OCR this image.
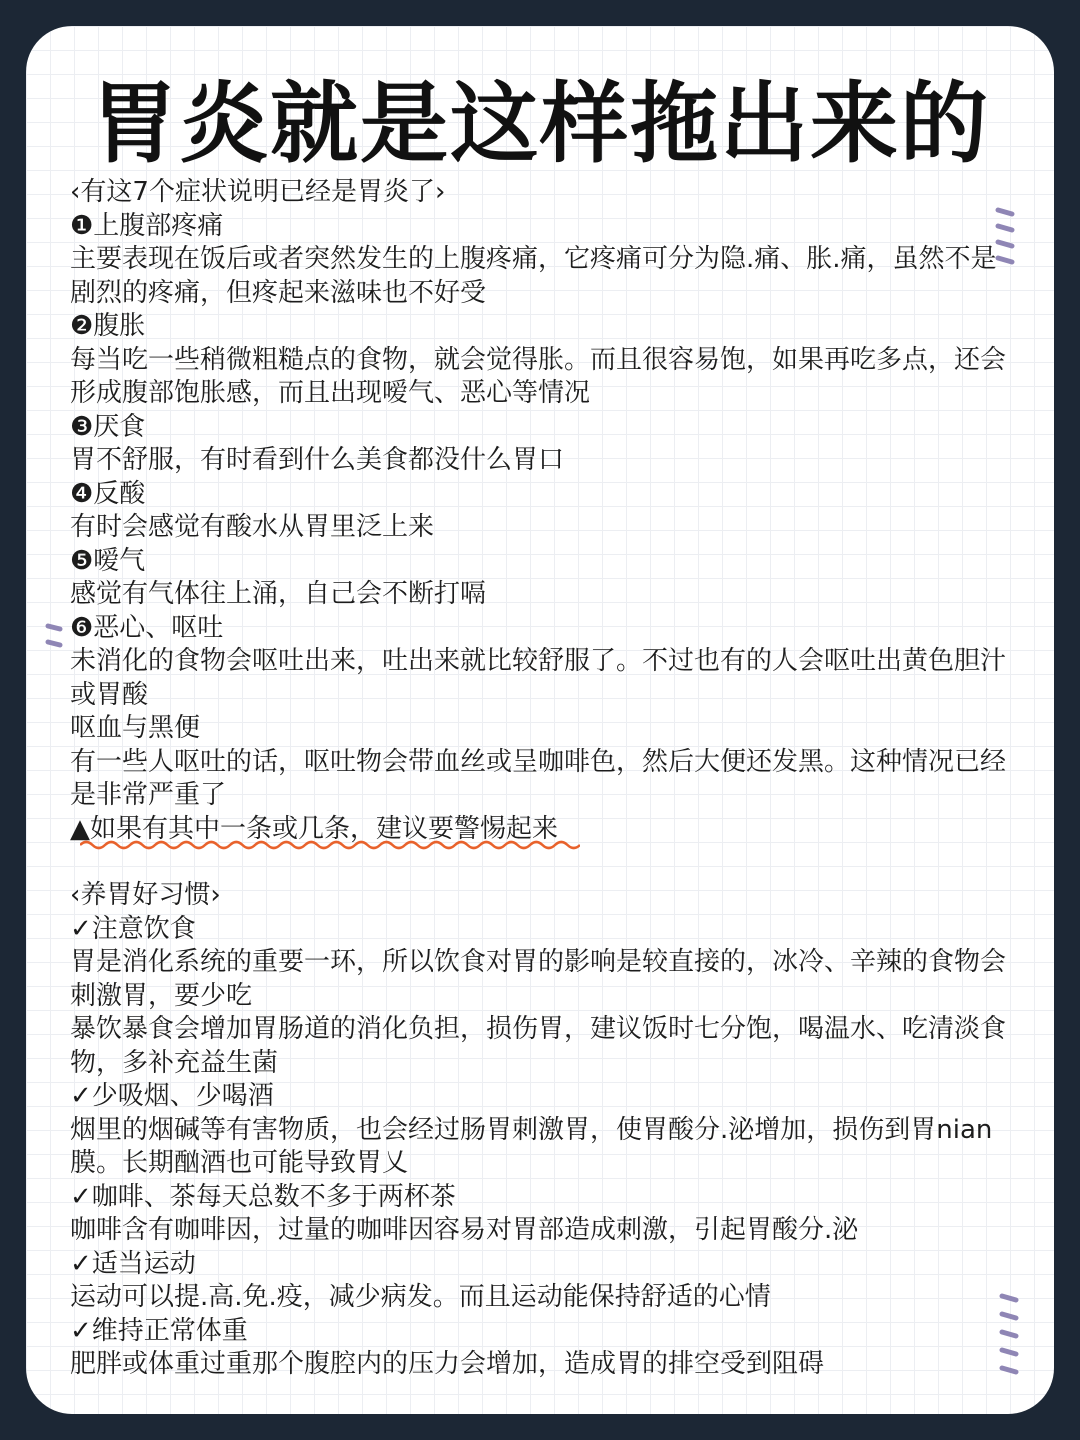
胃炎就是这样拖出来的
‹有这7个症状说明已经是胃炎了›
❶上腹部疼痛
主要表现在饭后或者突然发生的上腹疼痛，它疼痛可分为隐.痛、胀.痛，虽然不是剧烈的疼痛，但疼起来滋味也不好受
❷腹胀
每当吃一些稍微粗糙点的食物，就会觉得胀。而且很容易饱，如果再吃多点，还会形成腹部饱胀感，而且出现嗳气、恶心等情况
❸厌食
胃不舒服，有时看到什么美食都没什么胃口
❹反酸
有时会感觉有酸水从胃里泛上来
❺嗳气
感觉有气体往上涌，自己会不断打嗝
❻恶心、呕吐
未消化的食物会呕吐出来，吐出来就比较舒服了。不过也有的人会呕吐出黄色胆汁或胃酸
呕血与黑便
有一些人呕吐的话，呕吐物会带血丝或呈咖啡色，然后大便还发黑。这种情况已经是非常严重了
▲如果有其中一条或几条，建议要警惕起来
‹养胃好习惯›
✓注意饮食
胃是消化系统的重要一环，所以饮食对胃的影响是较直接的，冰冷、辛辣的食物会刺激胃，要少吃
暴饮暴食会增加胃肠道的消化负担，损伤胃，建议饭时七分饱，喝温水、吃清淡食物，多补充益生菌
✓少吸烟、少喝酒
烟里的烟碱等有害物质，也会经过肠胃刺激胃，使胃酸分.泌增加，损伤到胃nian膜。长期酗酒也可能导致胃乂
✓咖啡、茶每天总数不多于两杯茶
咖啡含有咖啡因，过量的咖啡因容易对胃部造成刺激，引起胃酸分.泌
✓适当运动
运动可以提.高.免.疫，减少病发。而且运动能保持舒适的心情
✓维持正常体重
肥胖或体重过重那个腹腔内的压力会增加，造成胃的排空受到阻碍
